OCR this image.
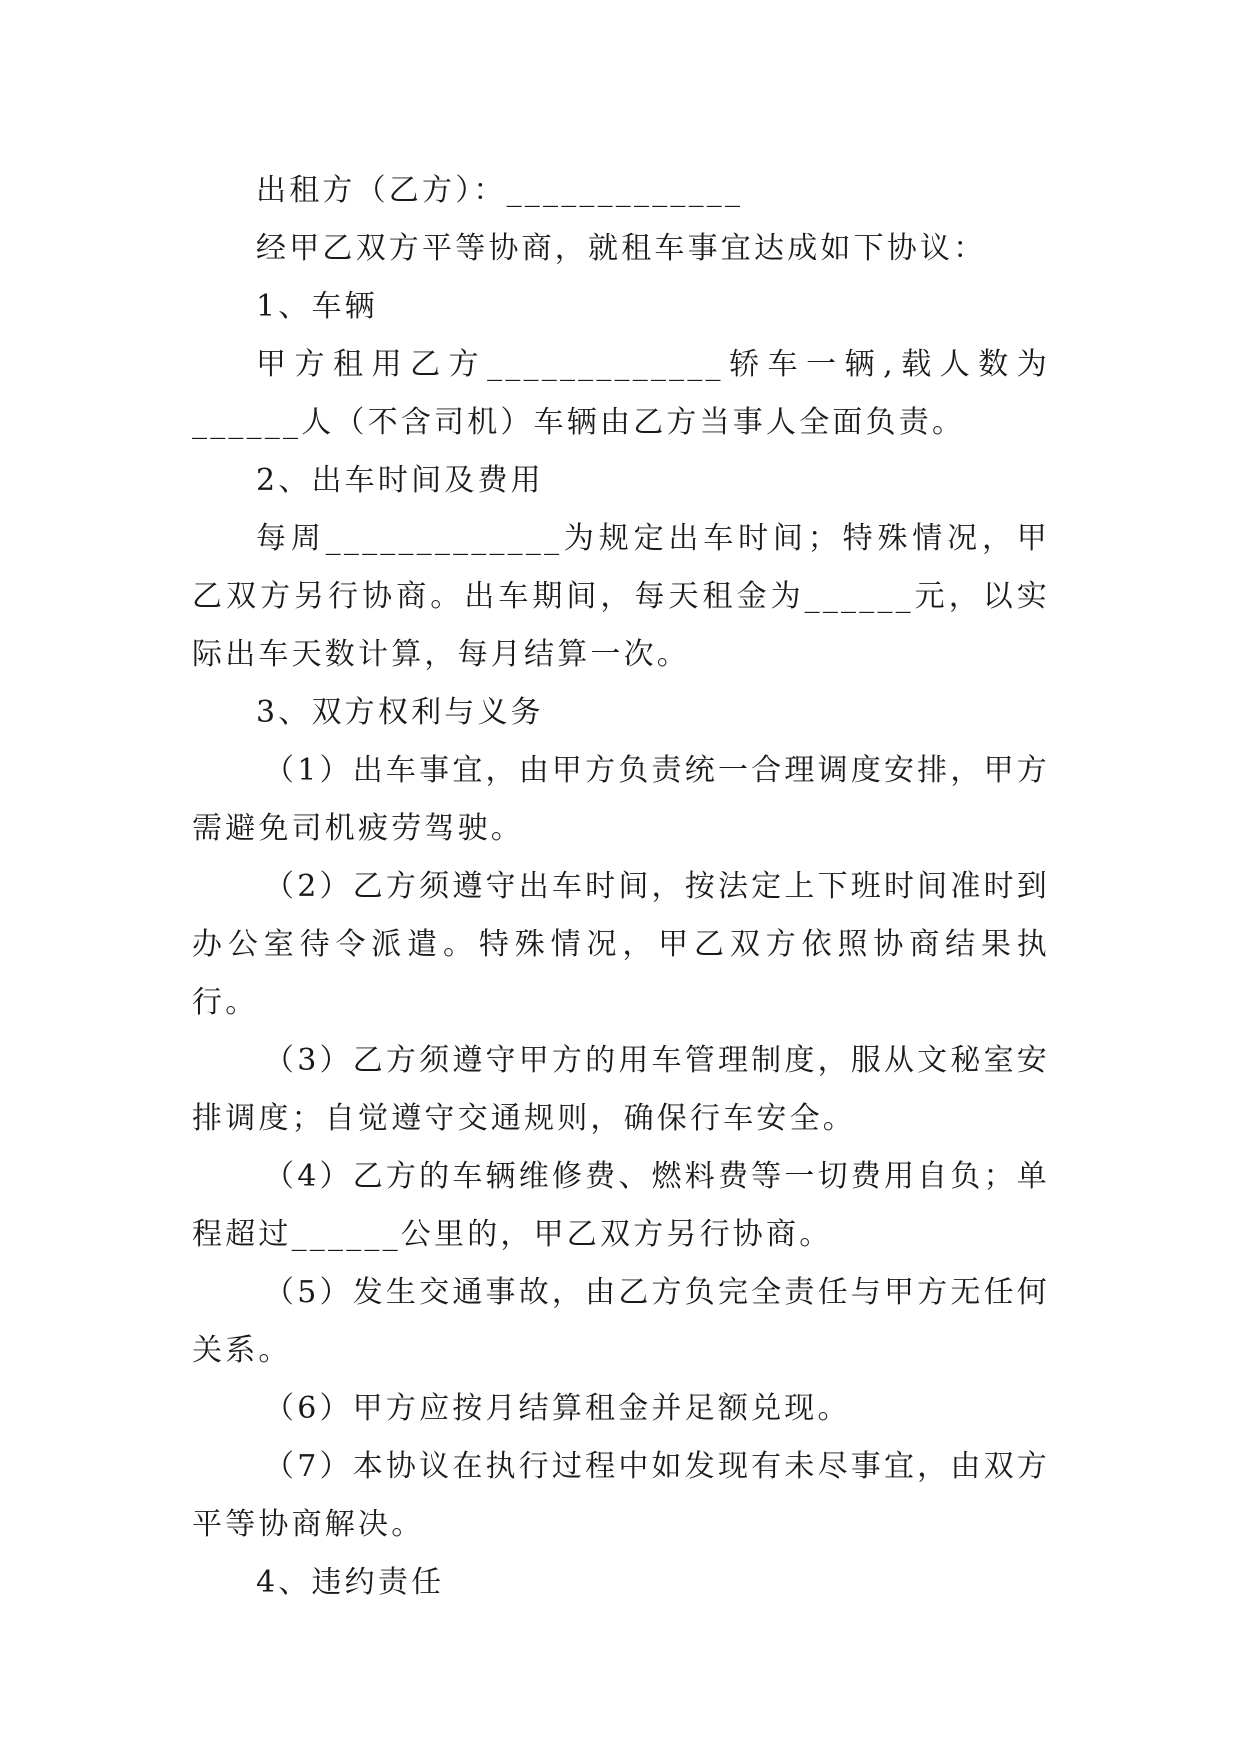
出租方（乙方）：_____________

经甲乙双方平等协商，就租车事宜达成如下协议：

1、车辆

甲方租用乙方_____________轿车一辆,载人数为______人（不含司机）车辆由乙方当事人全面负责。

2、出车时间及费用

每周_____________为规定出车时间；特殊情况，甲乙双方另行协商。出车期间，每天租金为______元，以实际出车天数计算，每月结算一次。

3、双方权利与义务

（1）出车事宜，由甲方负责统一合理调度安排，甲方需避免司机疲劳驾驶。

（2）乙方须遵守出车时间，按法定上下班时间准时到办公室待令派遣。特殊情况，甲乙双方依照协商结果执行。

（3）乙方须遵守甲方的用车管理制度，服从文秘室安排调度；自觉遵守交通规则，确保行车安全。

（4）乙方的车辆维修费、燃料费等一切费用自负；单程超过______公里的，甲乙双方另行协商。

（5）发生交通事故，由乙方负完全责任与甲方无任何关系。

（6）甲方应按月结算租金并足额兑现。

（7）本协议在执行过程中如发现有未尽事宜，由双方平等协商解决。

4、违约责任
